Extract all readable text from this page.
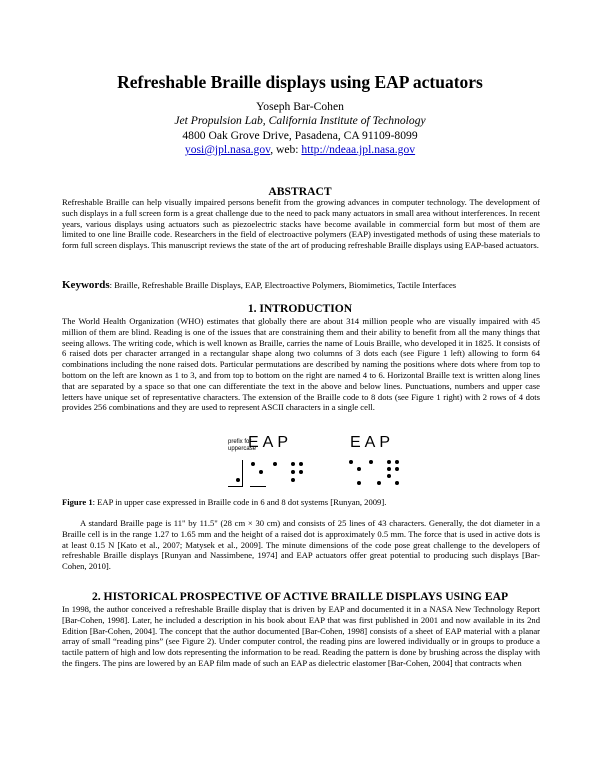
Refreshable Braille displays using EAP actuators
Yoseph Bar-Cohen
Jet Propulsion Lab, California Institute of Technology
4800 Oak Grove Drive, Pasadena, CA 91109-8099
yosi@jpl.nasa.gov, web: http://ndeaa.jpl.nasa.gov
ABSTRACT
Refreshable Braille can help visually impaired persons benefit from the growing advances in computer technology. The development of such displays in a full screen form is a great challenge due to the need to pack many actuators in small area without interferences. In recent years, various displays using actuators such as piezoelectric stacks have become available in commercial form but most of them are limited to one line Braille code. Researchers in the field of electroactive polymers (EAP) investigated methods of using these materials to form full screen displays. This manuscript reviews the state of the art of producing refreshable Braille displays using EAP-based actuators.
Keywords: Braille, Refreshable Braille Displays, EAP, Electroactive Polymers, Biomimetics, Tactile Interfaces
1. INTRODUCTION
The World Health Organization (WHO) estimates that globally there are about 314 million people who are visually impaired with 45 million of them are blind. Reading is one of the issues that are constraining them and their ability to benefit from all the many things that seeing allows. The writing code, which is well known as Braille, carries the name of Louis Braille, who developed it in 1825. It consists of 6 raised dots per character arranged in a rectangular shape along two columns of 3 dots each (see Figure 1 left) allowing to form 64 combinations including the none raised dots. Particular permutations are described by naming the positions where dots where from top to bottom on the left are known as 1 to 3, and from top to bottom on the right are named 4 to 6. Horizontal Braille text is written along lines that are separated by a space so that one can differentiate the text in the above and below lines. Punctuations, numbers and upper case letters have unique set of representative characters. The extension of the Braille code to 8 dots (see Figure 1 right) with 2 rows of 4 dots provides 256 combinations and they are used to represent ASCII characters in a single cell.
prefix for
uppercase
EAP	EAP
Figure 1: EAP in upper case expressed in Braille code in 6 and 8 dot systems [Runyan, 2009].
A standard Braille page is 11" by 11.5" (28 cm × 30 cm) and consists of 25 lines of 43 characters. Generally, the dot diameter in a Braille cell is in the range 1.27 to 1.65 mm and the height of a raised dot is approximately 0.5 mm. The force that is used in active dots is at least 0.15 N [Kato et al., 2007; Matysek et al., 2009]. The minute dimensions of the code pose great challenge to the developers of refreshable Braille displays [Runyan and Nassimbene, 1974] and EAP actuators offer great potential to producing such displays [Bar-Cohen, 2010].
2. HISTORICAL PROSPECTIVE OF ACTIVE BRAILLE DISPLAYS USING EAP
In 1998, the author conceived a refreshable Braille display that is driven by EAP and documented it in a NASA New Technology Report [Bar-Cohen, 1998]. Later, he included a description in his book about EAP that was first published in 2001 and now available in its 2nd Edition [Bar-Cohen, 2004]. The concept that the author documented [Bar-Cohen, 1998] consists of a sheet of EAP material with a planar array of small “reading pins” (see Figure 2). Under computer control, the reading pins are lowered individually or in groups to produce a tactile pattern of high and low dots representing the information to be read. Reading the pattern is done by brushing across the display with the fingers. The pins are lowered by an EAP film made of such an EAP as dielectric elastomer [Bar-Cohen, 2004] that contracts when
